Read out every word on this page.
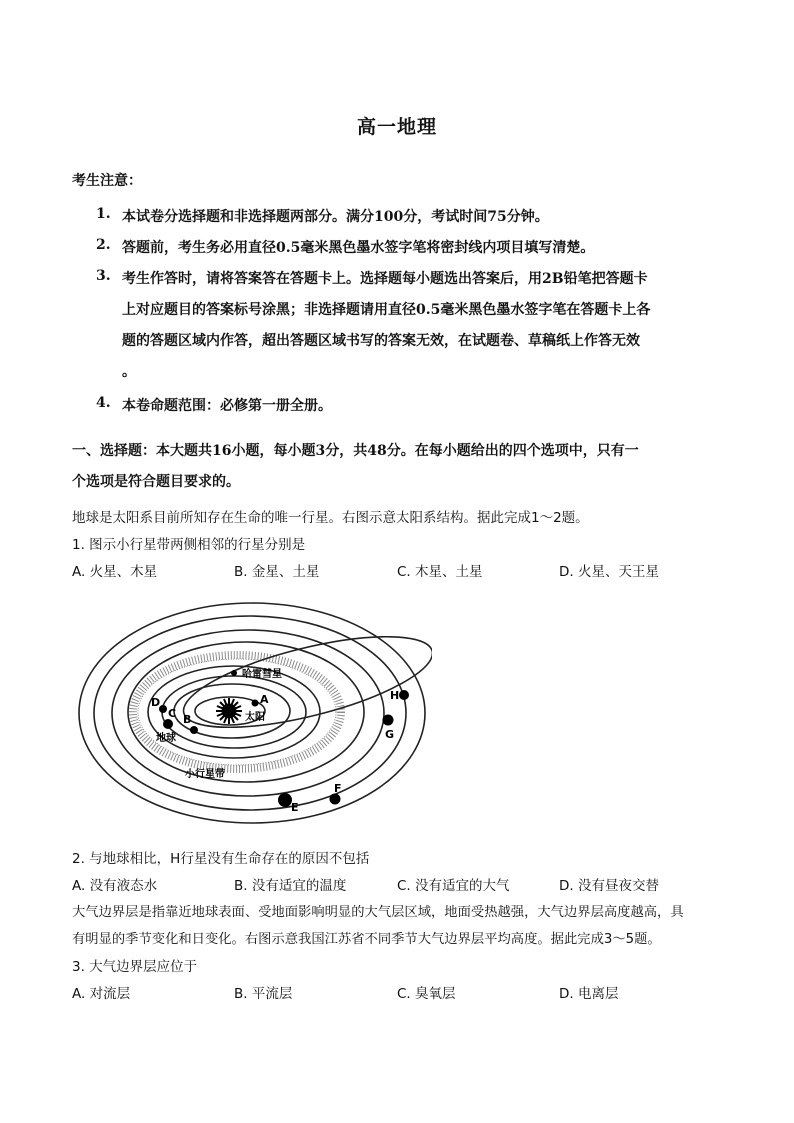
高一地理
考生注意：
1. 本试卷分选择题和非选择题两部分。满分100分，考试时间75分钟。
2. 答题前，考生务必用直径0.5毫米黑色墨水签字笔将密封线内项目填写清楚。
3. 考生作答时，请将答案答在答题卡上。选择题每小题选出答案后，用2B铅笔把答题卡
上对应题目的答案标号涂黑；非选择题请用直径0.5毫米黑色墨水签字笔在答题卡上各
题的答题区域内作答，超出答题区域书写的答案无效，在试题卷、草稿纸上作答无效
。
4. 本卷命题范围：必修第一册全册。
一、选择题：本大题共16小题，每小题3分，共48分。在每小题给出的四个选项中，只有一
个选项是符合题目要求的。
地球是太阳系目前所知存在生命的唯一行星。右图示意太阳系结构。据此完成1～2题。
1. 图示小行星带两侧相邻的行星分别是
A. 火星、木星	B. 金星、土星	C. 木星、土星	D. 火星、天王星
哈雷彗星
太阳
地球
小行星带
A
B
C
D
E
F
G
H
2. 与地球相比，H行星没有生命存在的原因不包括
A. 没有液态水	B. 没有适宜的温度	C. 没有适宜的大气	D. 没有昼夜交替
大气边界层是指靠近地球表面、受地面影响明显的大气层区域，地面受热越强，大气边界层高度越高，具
有明显的季节变化和日变化。右图示意我国江苏省不同季节大气边界层平均高度。据此完成3～5题。
3. 大气边界层应位于
A. 对流层	B. 平流层	C. 臭氧层	D. 电离层
